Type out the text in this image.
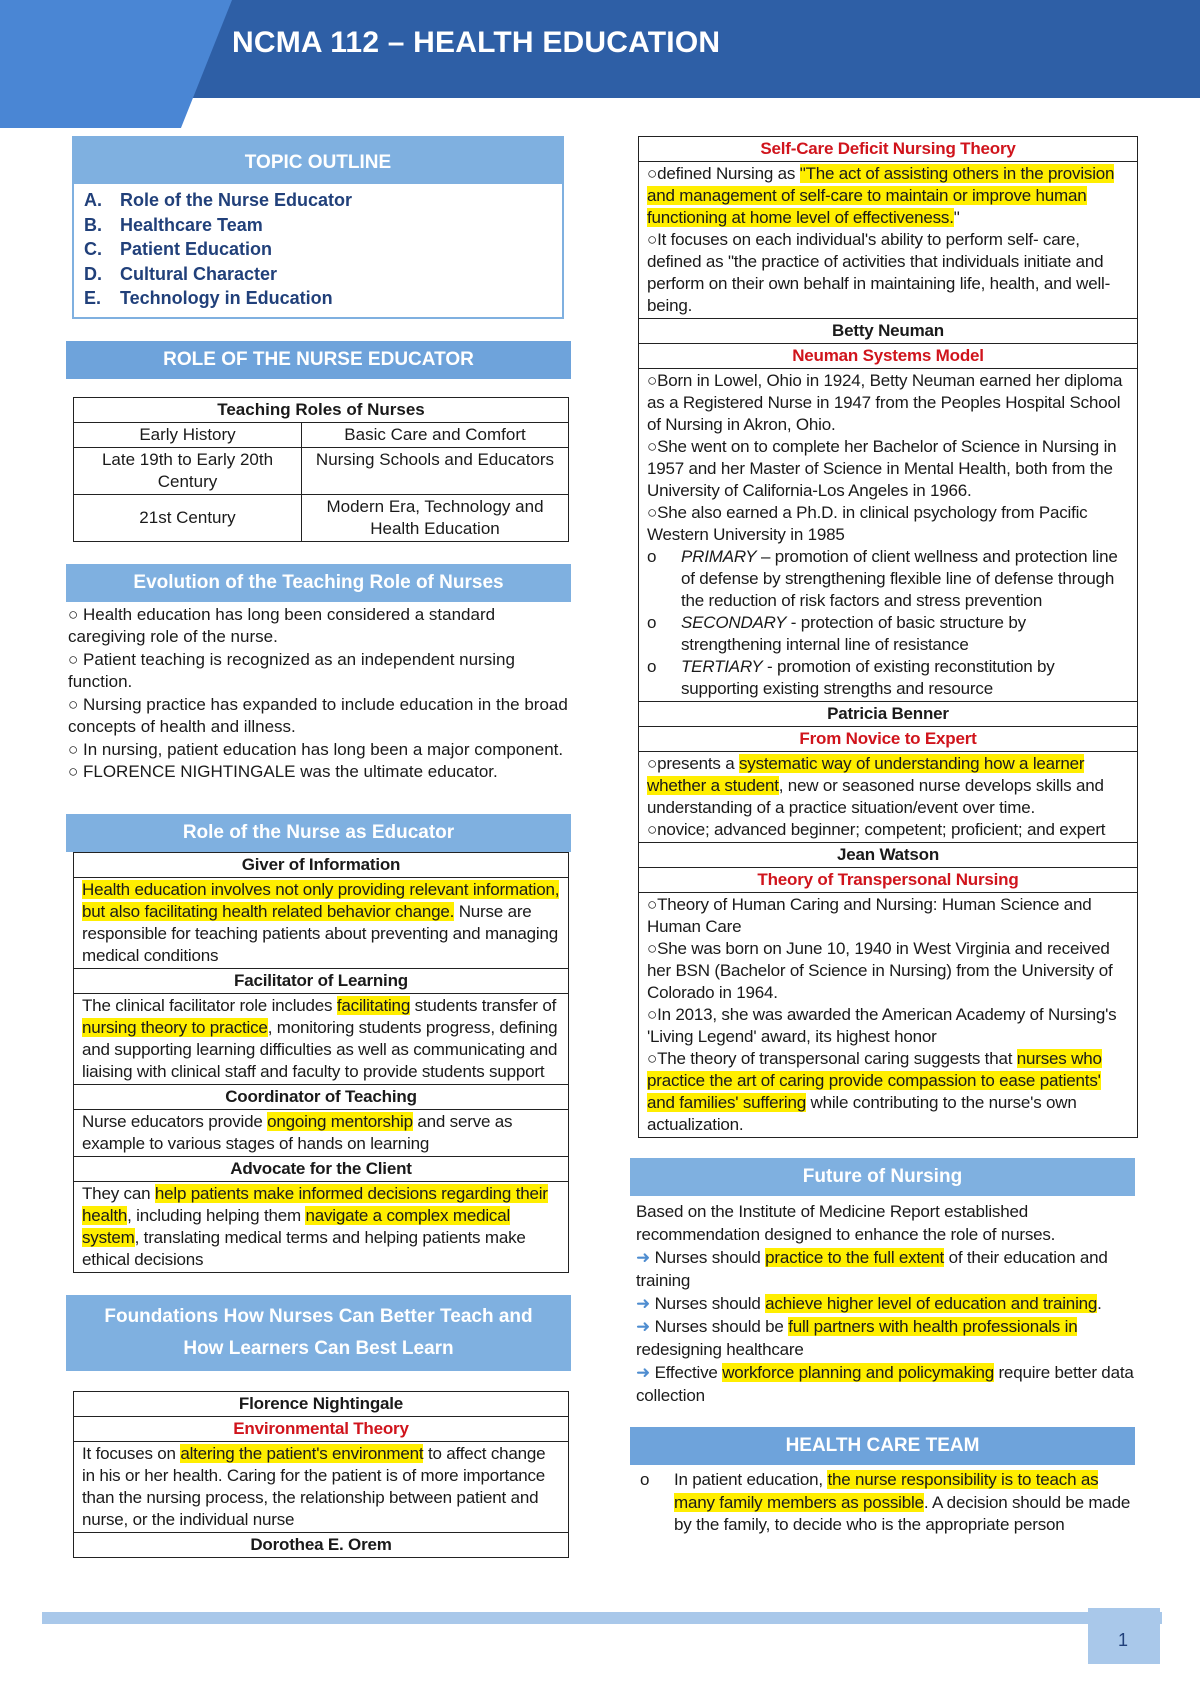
NCMA 112 – HEALTH EDUCATION
TOPIC OUTLINE
A.	Role of the Nurse Educator
B.	Healthcare Team
C.	Patient Education
D.	Cultural Character
E.	Technology in Education
ROLE OF THE NURSE EDUCATOR
Teaching Roles of Nurses	
Early History	Basic Care and Comfort
Late 19th to Early 20th Century	Nursing Schools and Educators
21st Century	Modern Era, Technology and Health Education
Evolution of the Teaching Role of Nurses
○ Health education has long been considered a standard caregiving role of the nurse.
○ Patient teaching is recognized as an independent nursing function.
○ Nursing practice has expanded to include education in the broad concepts of health and illness.
○ In nursing, patient education has long been a major component.
○ FLORENCE NIGHTINGALE was the ultimate educator.
Role of the Nurse as Educator
Giver of Information
Health education involves not only providing relevant information, but also facilitating health related behavior change. Nurse are responsible for teaching patients about preventing and managing medical conditions
Facilitator of Learning
The clinical facilitator role includes facilitating students transfer of nursing theory to practice, monitoring students progress, defining and supporting learning difficulties as well as communicating and liaising with clinical staff and faculty to provide students support
Coordinator of Teaching
Nurse educators provide ongoing mentorship and serve as example to various stages of hands on learning
Advocate for the Client
They can help patients make informed decisions regarding their health, including helping them navigate a complex medical system, translating medical terms and helping patients make ethical decisions
Foundations How Nurses Can Better Teach and
How Learners Can Best Learn
Florence Nightingale
Environmental Theory
It focuses on altering the patient's environment to affect change in his or her health. Caring for the patient is of more importance than the nursing process, the relationship between patient and nurse, or the individual nurse
Dorothea E. Orem
Self-Care Deficit Nursing Theory

○defined Nursing as "The act of assisting others in the provision and management of self-care to maintain or improve human functioning at home level of effectiveness."
○It focuses on each individual's ability to perform self- care, defined as "the practice of activities that individuals initiate and perform on their own behalf in maintaining life, health, and well-being.

Betty Neuman
Neuman Systems Model

○Born in Lowel, Ohio in 1924, Betty Neuman earned her diploma as a Registered Nurse in 1947 from the Peoples Hospital School of Nursing in Akron, Ohio.
○She went on to complete her Bachelor of Science in Nursing in 1957 and her Master of Science in Mental Health, both from the University of California-Los Angeles in 1966.
○She also earned a Ph.D. in clinical psychology from Pacific Western University in 1985
o PRIMARY – promotion of client wellness and protection line of defense by strengthening flexible line of defense through the reduction of risk factors and stress prevention
o SECONDARY - protection of basic structure by strengthening internal line of resistance
o TERTIARY - promotion of existing reconstitution by supporting existing strengths and resource

Patricia Benner
From Novice to Expert

○presents a systematic way of understanding how a learner whether a student, new or seasoned nurse develops skills and understanding of a practice situation/event over time.
○novice; advanced beginner; competent; proficient; and expert

Jean Watson
Theory of Transpersonal Nursing

○Theory of Human Caring and Nursing: Human Science and Human Care
○She was born on June 10, 1940 in West Virginia and received her BSN (Bachelor of Science in Nursing) from the University of Colorado in 1964.
○In 2013, she was awarded the American Academy of Nursing's 'Living Legend' award, its highest honor
○The theory of transpersonal caring suggests that nurses who practice the art of caring provide compassion to ease patients' and families' suffering while contributing to the nurse's own actualization.
Future of Nursing
Based on the Institute of Medicine Report established recommendation designed to enhance the role of nurses.
➜ Nurses should practice to the full extent of their education and training
➜ Nurses should achieve higher level of education and training.
➜ Nurses should be full partners with health professionals in redesigning healthcare
➜ Effective workforce planning and policymaking require better data collection
HEALTH CARE TEAM
o	In patient education, the nurse responsibility is to teach as many family members as possible. A decision should be made by the family, to decide who is the appropriate person
1
